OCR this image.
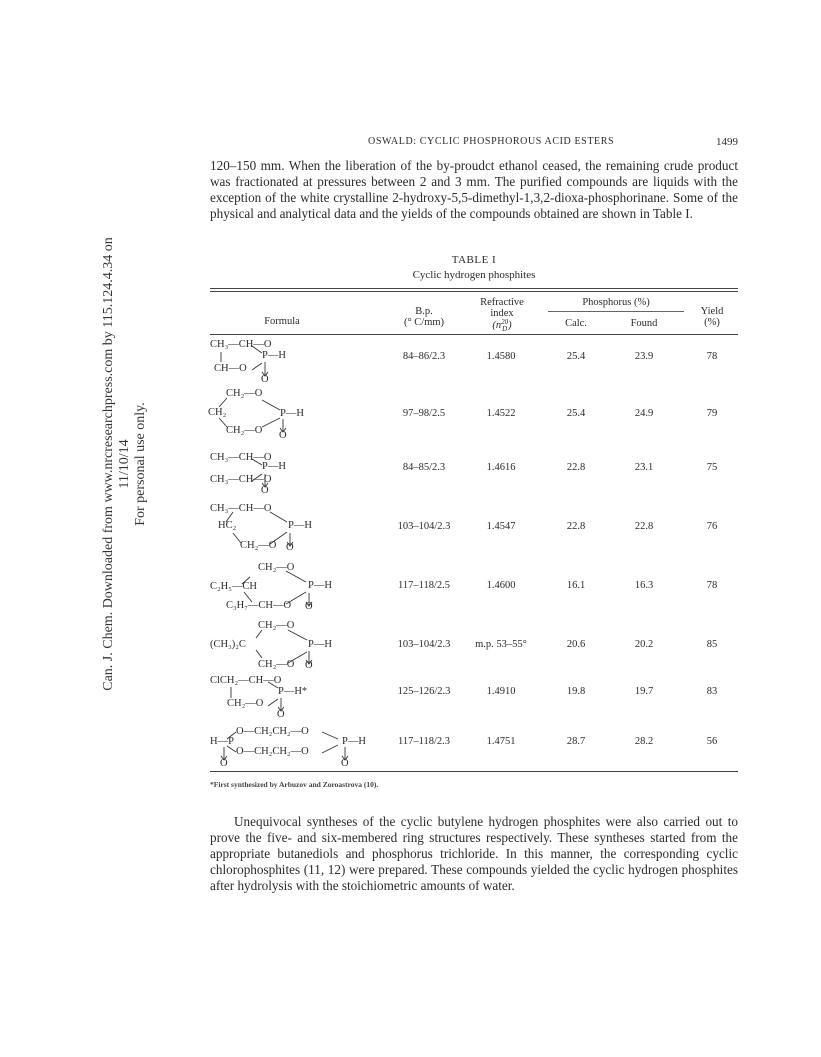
Can. J. Chem. Downloaded from www.nrcresearchpress.com by 115.124.4.34 on 11/10/14 For personal use only.
OSWALD: CYCLIC PHOSPHOROUS ACID ESTERS	1499

120–150 mm. When the liberation of the by-proudct ethanol ceased, the remaining crude product was fractionated at pressures between 2 and 3 mm. The purified compounds are liquids with the exception of the white crystalline 2-hydroxy-5,5-dimethyl-1,3,2-dioxa-phosphorinane. Some of the physical and analytical data and the yields of the compounds obtained are shown in Table I.

TABLE I
Cyclic hydrogen phosphites
Formula
B.p.
(° C/mm)
Refractive
index
(n 20
D )
Phosphorus (%)
Calc.	Found
Yield
(%)
CH₃—CH—O
CH—O
P—H
O
84–86/2.3	1.4580	25.4	23.9	78
CH₂—O
CH₂
CH₂—O
P—H
O
97–98/2.5	1.4522	25.4	24.9	79
CH₃—CH—O
CH₃—CH—O
P—H
O
84–85/2.3	1.4616	22.8	23.1	75
CH₃—CH—O
HC₂
CH₂—O
P—H
O
103–104/2.3	1.4547	22.8	22.8	76
CH₂—O
C₂H₅—CH
C₃H₇—CH—O
P—H
O
117–118/2.5	1.4600	16.1	16.3	78
CH₂—O
(CH₃)₂C
CH₂—O
P—H
O
103–104/2.3	m.p. 53–55°	20.6	20.2	85
ClCH₂—CH—O
CH₂—O
P—H*
O
125–126/2.3	1.4910	19.8	19.7	83
H—P
O—CH₂CH₂—O
O—CH₂CH₂—O
P—H
O	O
117–118/2.3	1.4751	28.7	28.2	56
*First synthesized by Arbuzov and Zoroastrova (10).

Unequivocal syntheses of the cyclic butylene hydrogen phosphites were also carried out to prove the five- and six-membered ring structures respectively. These syntheses started from the appropriate butanediols and phosphorus trichloride. In this manner, the corresponding cyclic chlorophosphites (11, 12) were prepared. These compounds yielded the cyclic hydrogen phosphites after hydrolysis with the stoichiometric amounts of water.
